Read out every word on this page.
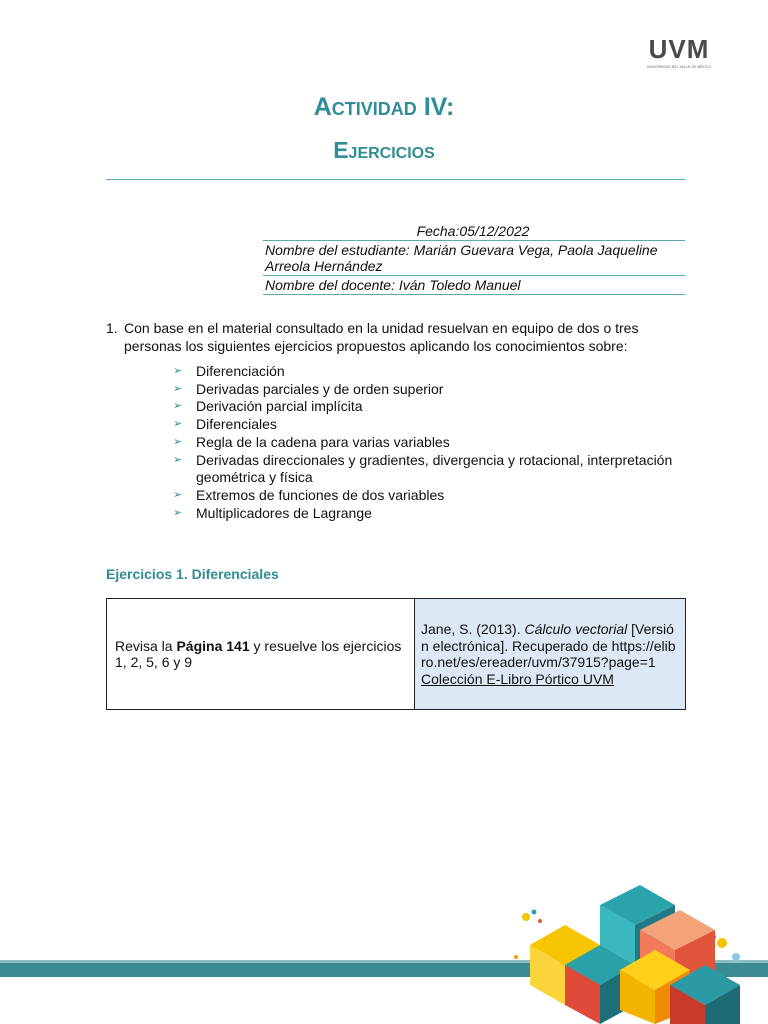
UVM
UNIVERSIDAD DEL VALLE DE MÉXICO
Actividad IV:
Ejercicios
Fecha:05/12/2022
Nombre del estudiante: Marián Guevara Vega, Paola Jaqueline
Arreola Hernández
Nombre del docente: Iván Toledo Manuel
1. Con base en el material consultado en la unidad resuelvan en equipo de dos o tres personas los siguientes ejercicios propuestos aplicando los conocimientos sobre:
➢ Diferenciación
➢ Derivadas parciales y de orden superior
➢ Derivación parcial implícita
➢ Diferenciales
➢ Regla de la cadena para varias variables
➢ Derivadas direccionales y gradientes, divergencia y rotacional, interpretación geométrica y física
➢ Extremos de funciones de dos variables
➢ Multiplicadores de Lagrange
Ejercicios 1. Diferenciales
Revisa la Página 141 y resuelve los ejercicios 1, 2, 5, 6 y 9	Jane, S. (2013). Cálculo vectorial [Versión electrónica]. Recuperado de https://elibro.net/es/ereader/uvm/37915?page=1
Colección E-Libro Pórtico UVM
